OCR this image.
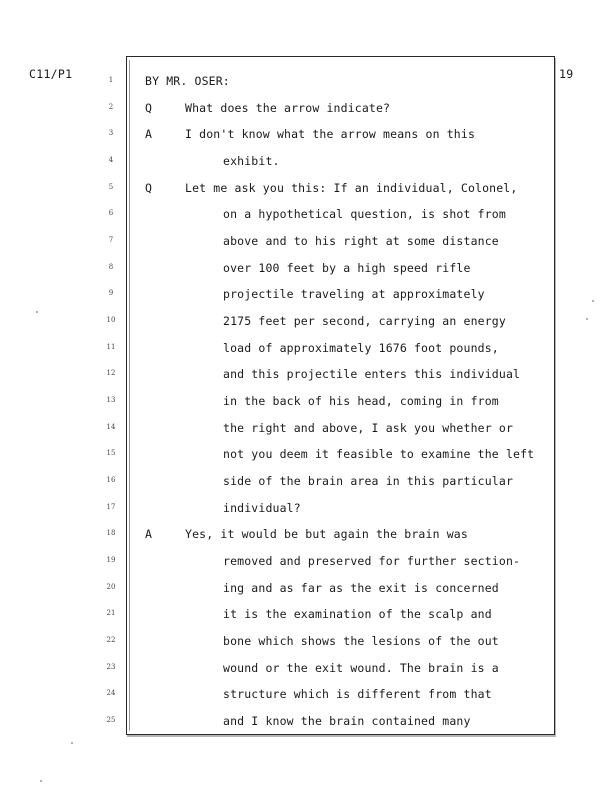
C11/P1	19
1	BY MR. OSER:
2	Q	What does the arrow indicate?
3	A	I don't know what the arrow means on this
4	exhibit.
5	Q	Let me ask you this: If an individual, Colonel,
6	on a hypothetical question, is shot from
7	above and to his right at some distance
8	over 100 feet by a high speed rifle
9	projectile traveling at approximately
10	2175 feet per second, carrying an energy
11	load of approximately 1676 foot pounds,
12	and this projectile enters this individual
13	in the back of his head, coming in from
14	the right and above, I ask you whether or
15	not you deem it feasible to examine the left
16	side of the brain area in this particular
17	individual?
18	A	Yes, it would be but again the brain was
19	removed and preserved for further section-
20	ing and as far as the exit is concerned
21	it is the examination of the scalp and
22	bone which shows the lesions of the out
23	wound or the exit wound. The brain is a
24	structure which is different from that
25	and I know the brain contained many
